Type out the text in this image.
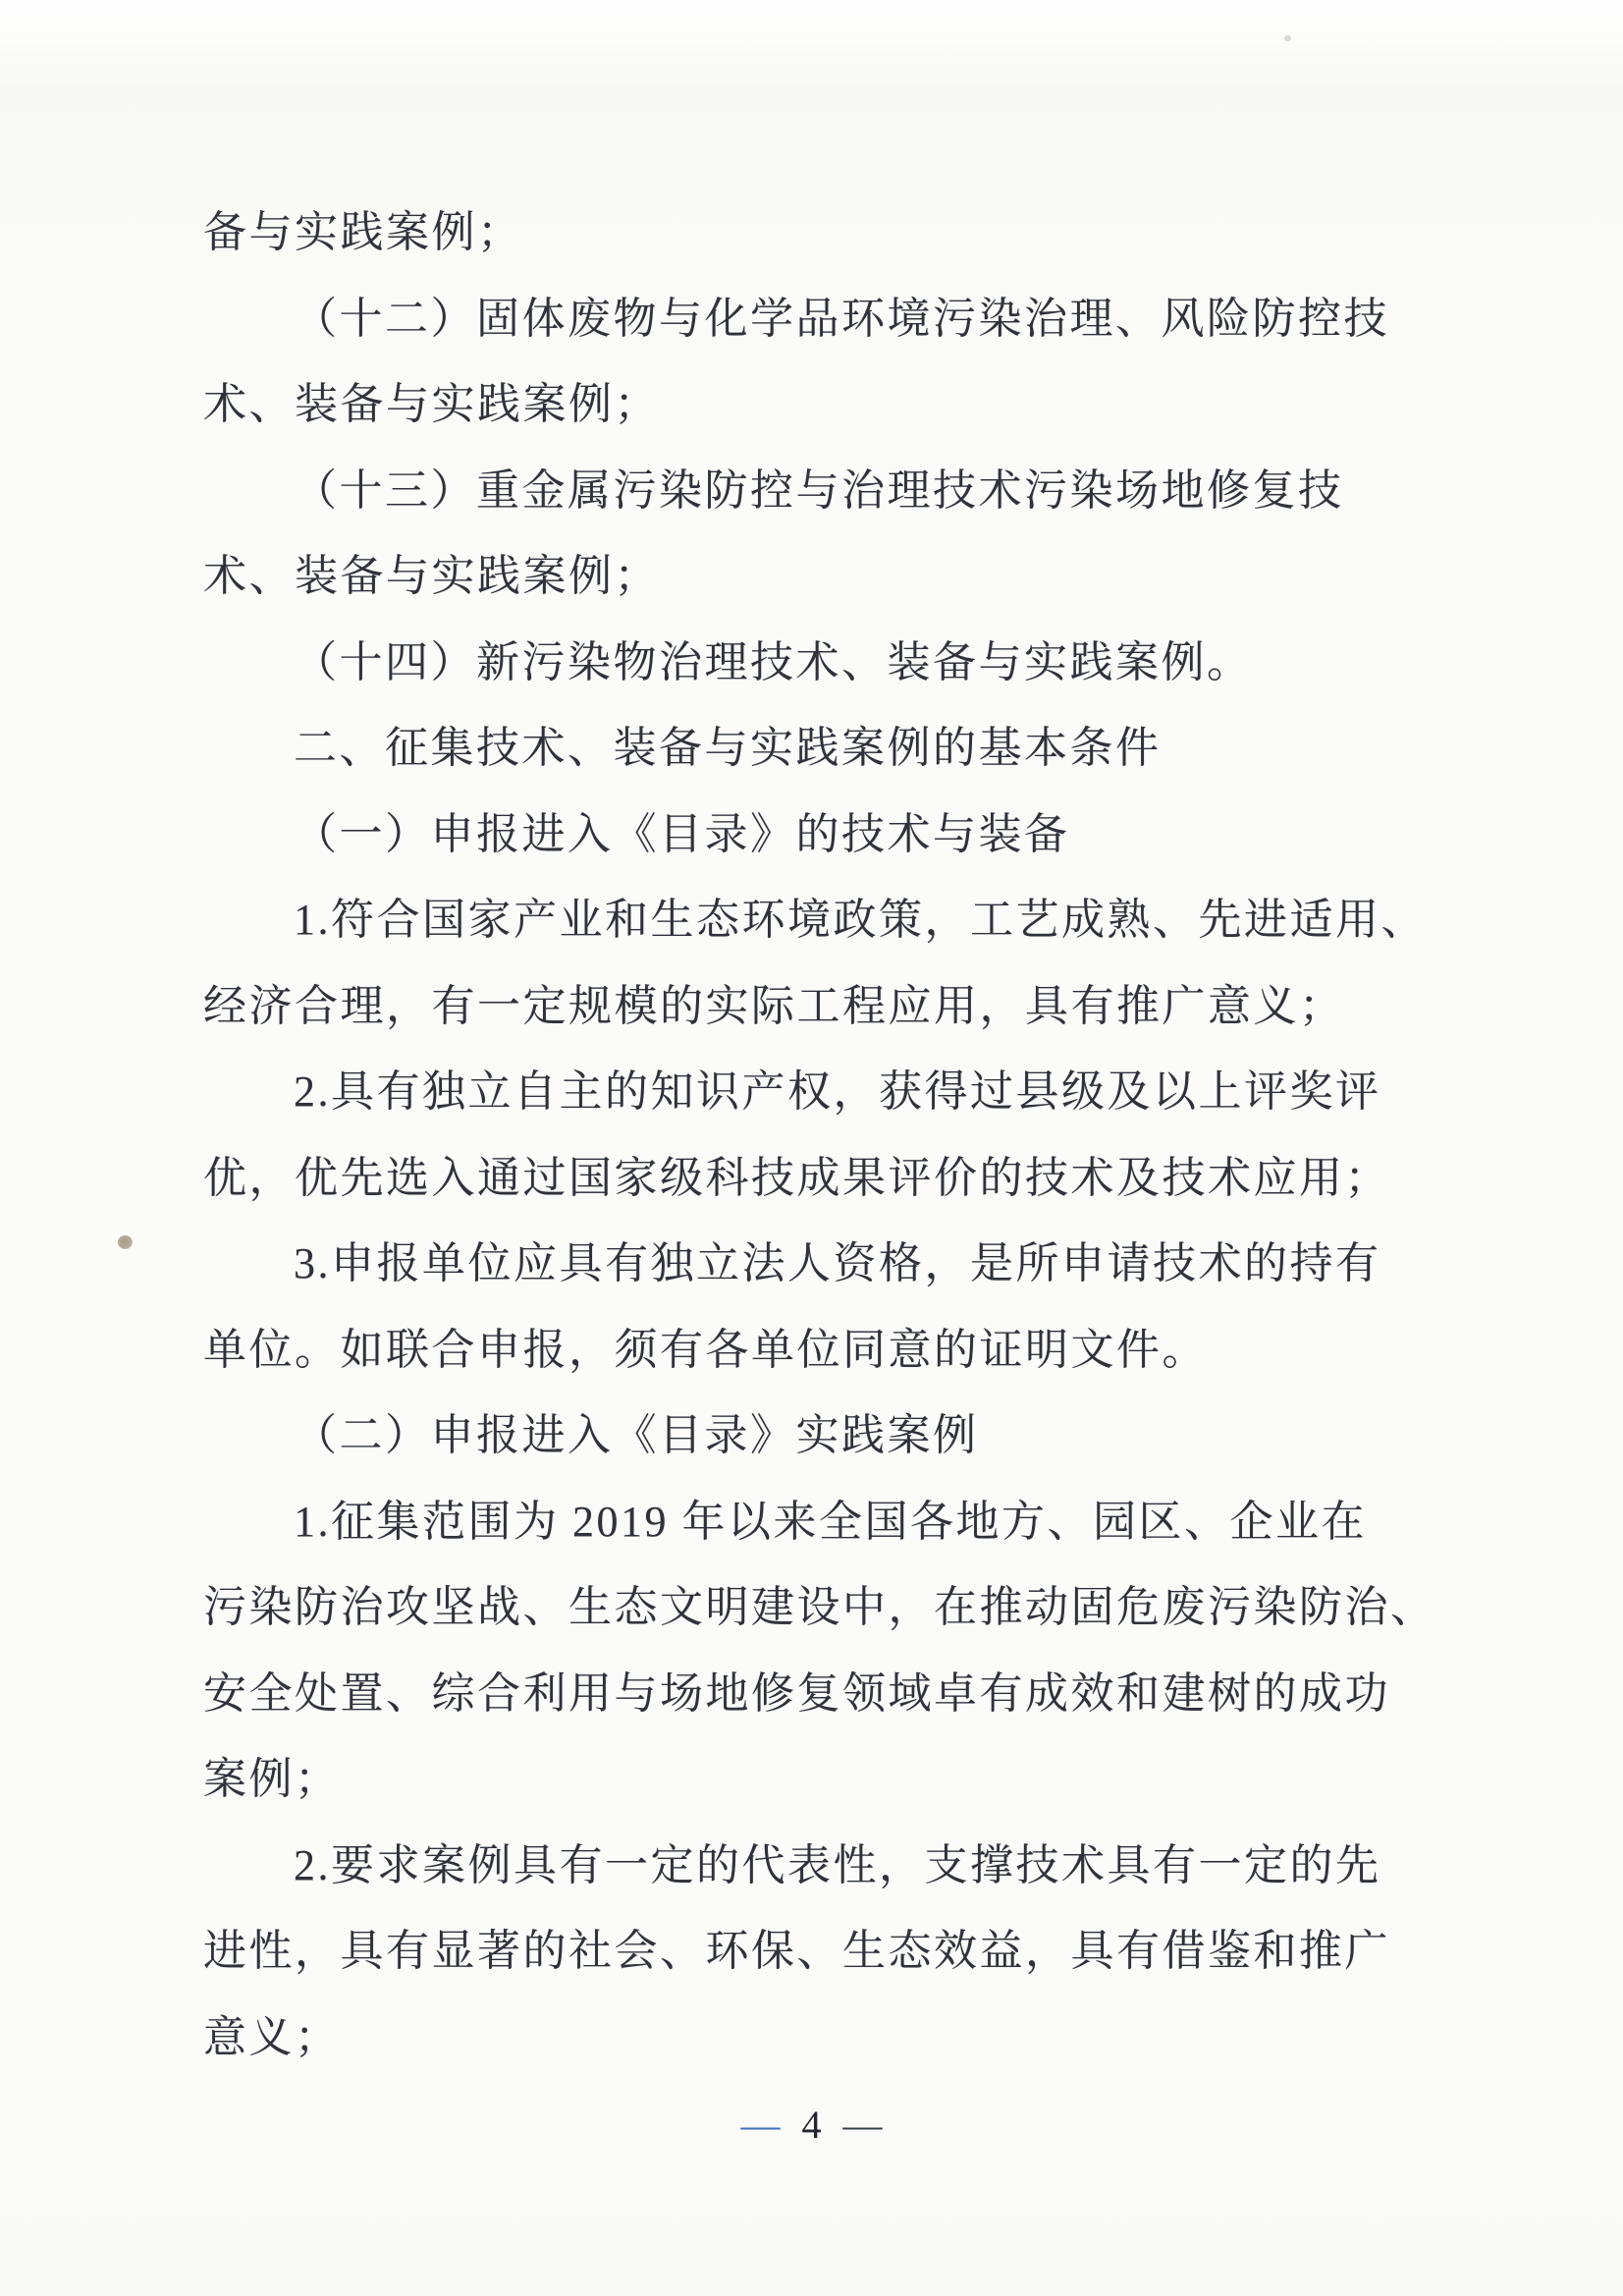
备与实践案例；
（十二）固体废物与化学品环境污染治理、风险防控技
术、装备与实践案例；
（十三）重金属污染防控与治理技术污染场地修复技
术、装备与实践案例；
（十四）新污染物治理技术、装备与实践案例。
二、征集技术、装备与实践案例的基本条件
（一）申报进入《目录》的技术与装备
1.符合国家产业和生态环境政策，工艺成熟、先进适用、
经济合理，有一定规模的实际工程应用，具有推广意义；
2.具有独立自主的知识产权，获得过县级及以上评奖评
优，优先选入通过国家级科技成果评价的技术及技术应用；
3.申报单位应具有独立法人资格，是所申请技术的持有
单位。如联合申报，须有各单位同意的证明文件。
（二）申报进入《目录》实践案例
1.征集范围为 2019 年以来全国各地方、园区、企业在
污染防治攻坚战、生态文明建设中，在推动固危废污染防治、
安全处置、综合利用与场地修复领域卓有成效和建树的成功
案例；
2.要求案例具有一定的代表性，支撑技术具有一定的先
进性，具有显著的社会、环保、生态效益，具有借鉴和推广
意义；
— 4 —
